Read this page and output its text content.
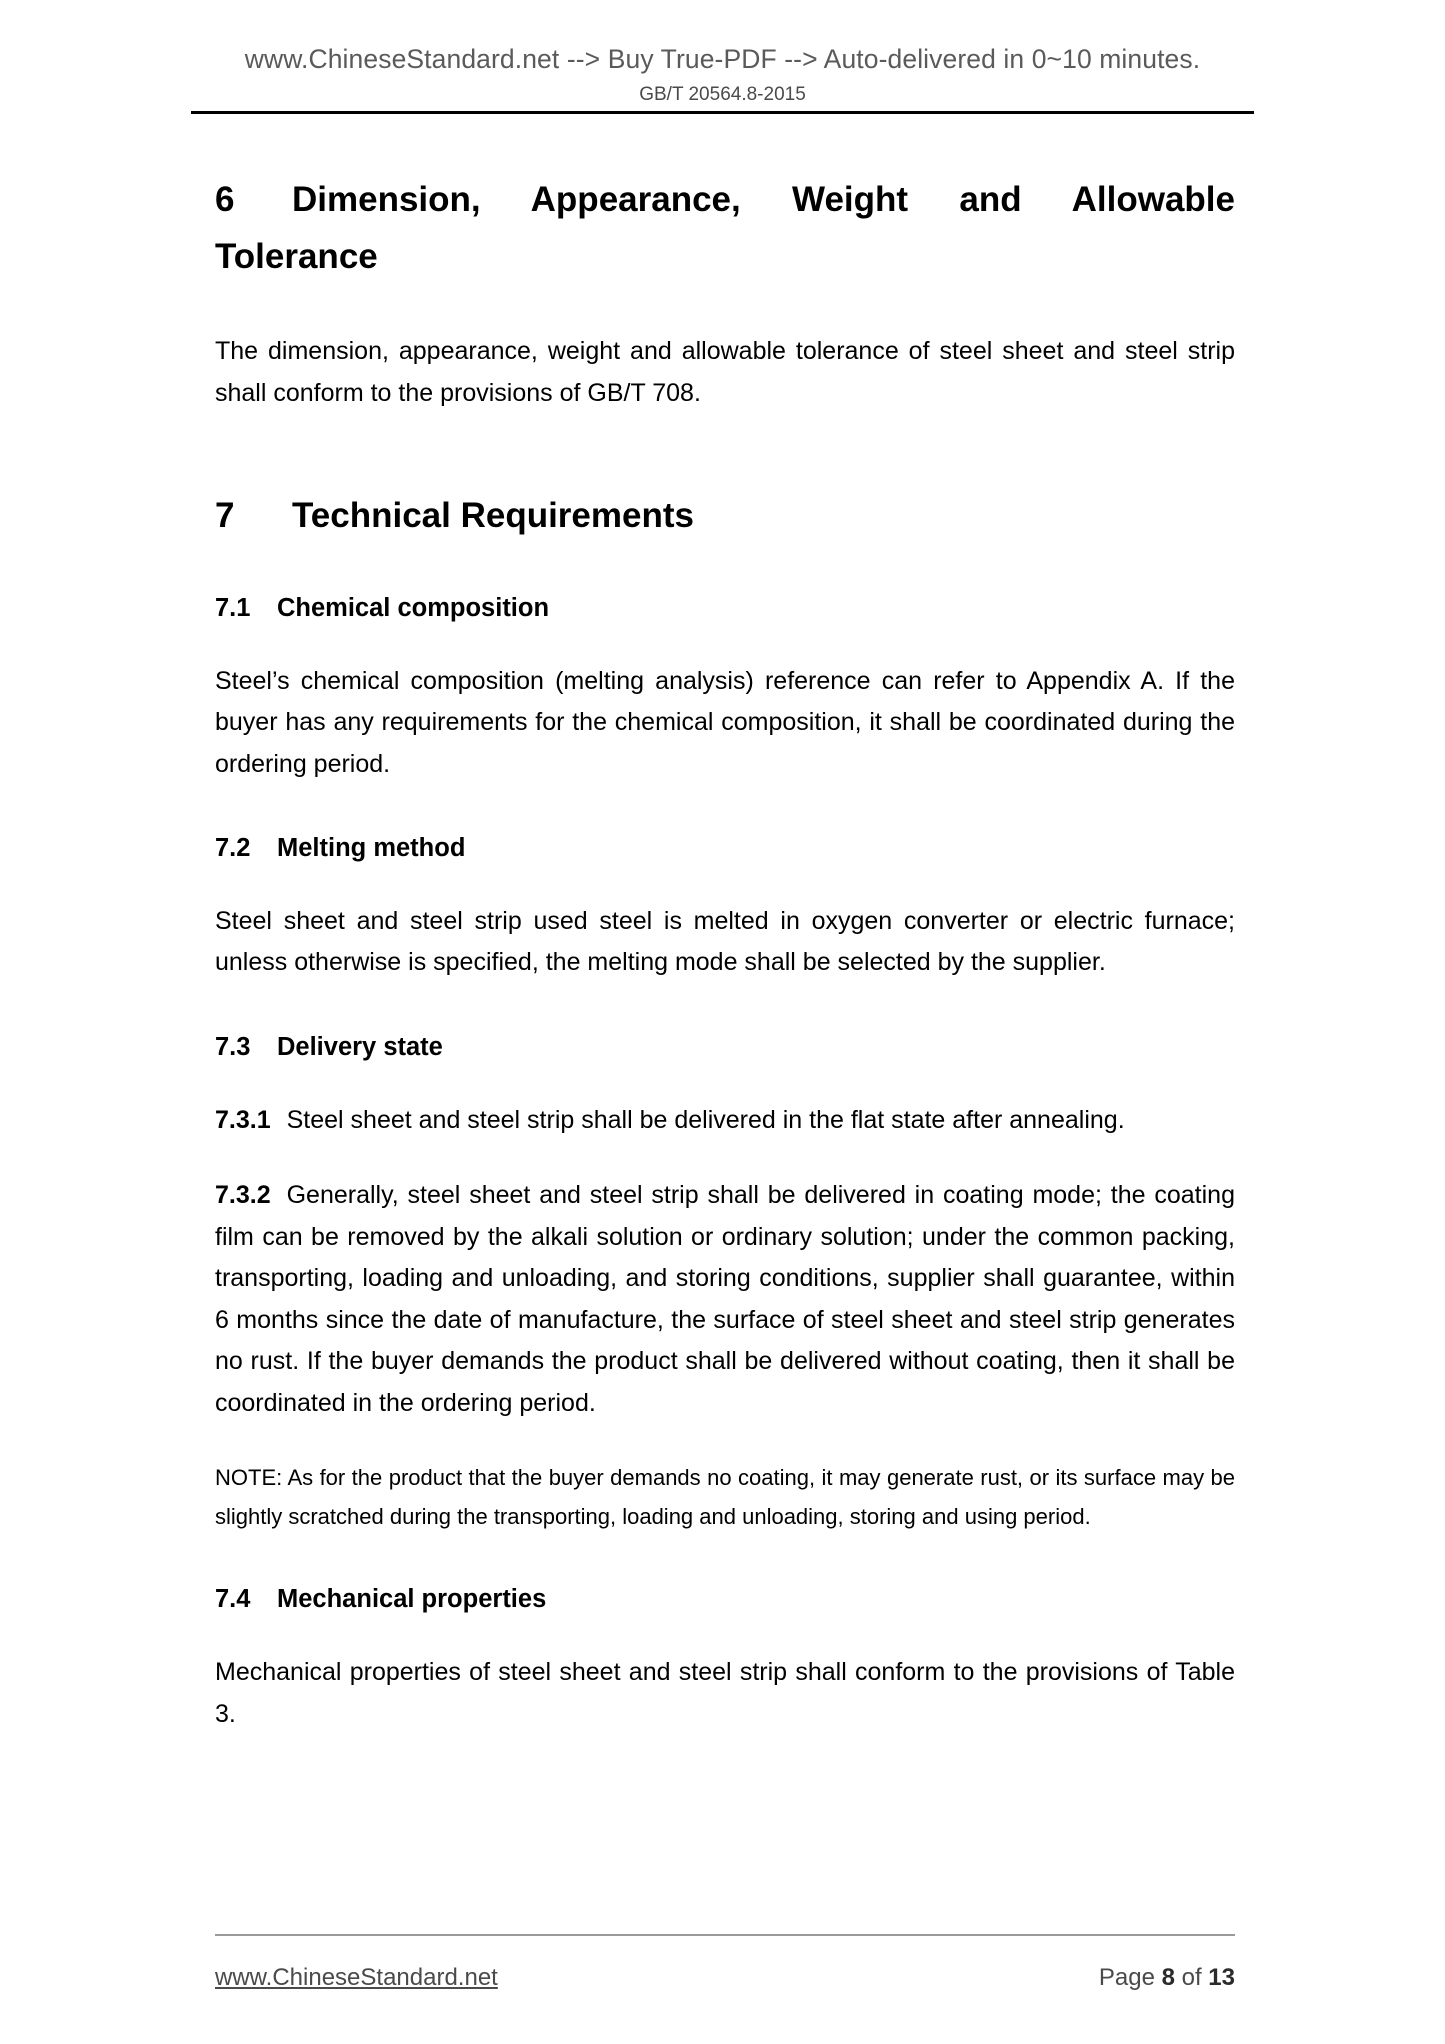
www.ChineseStandard.net --> Buy True-PDF --> Auto-delivered in 0~10 minutes.
GB/T 20564.8-2015
6 Dimension, Appearance, Weight and Allowable
Tolerance

The dimension, appearance, weight and allowable tolerance of steel sheet and steel strip shall conform to the provisions of GB/T 708.

7 Technical Requirements
7.1 Chemical composition

Steel’s chemical composition (melting analysis) reference can refer to Appendix A. If the buyer has any requirements for the chemical composition, it shall be coordinated during the ordering period.

7.2 Melting method

Steel sheet and steel strip used steel is melted in oxygen converter or electric furnace; unless otherwise is specified, the melting mode shall be selected by the supplier.

7.3 Delivery state

7.3.1 Steel sheet and steel strip shall be delivered in the flat state after annealing.

7.3.2 Generally, steel sheet and steel strip shall be delivered in coating mode; the coating film can be removed by the alkali solution or ordinary solution; under the common packing, transporting, loading and unloading, and storing conditions, supplier shall guarantee, within 6 months since the date of manufacture, the surface of steel sheet and steel strip generates no rust. If the buyer demands the product shall be delivered without coating, then it shall be coordinated in the ordering period.

NOTE: As for the product that the buyer demands no coating, it may generate rust, or its surface may be slightly scratched during the transporting, loading and unloading, storing and using period.

7.4 Mechanical properties

Mechanical properties of steel sheet and steel strip shall conform to the provisions of Table 3.

www.ChineseStandard.net	Page 8 of 13
